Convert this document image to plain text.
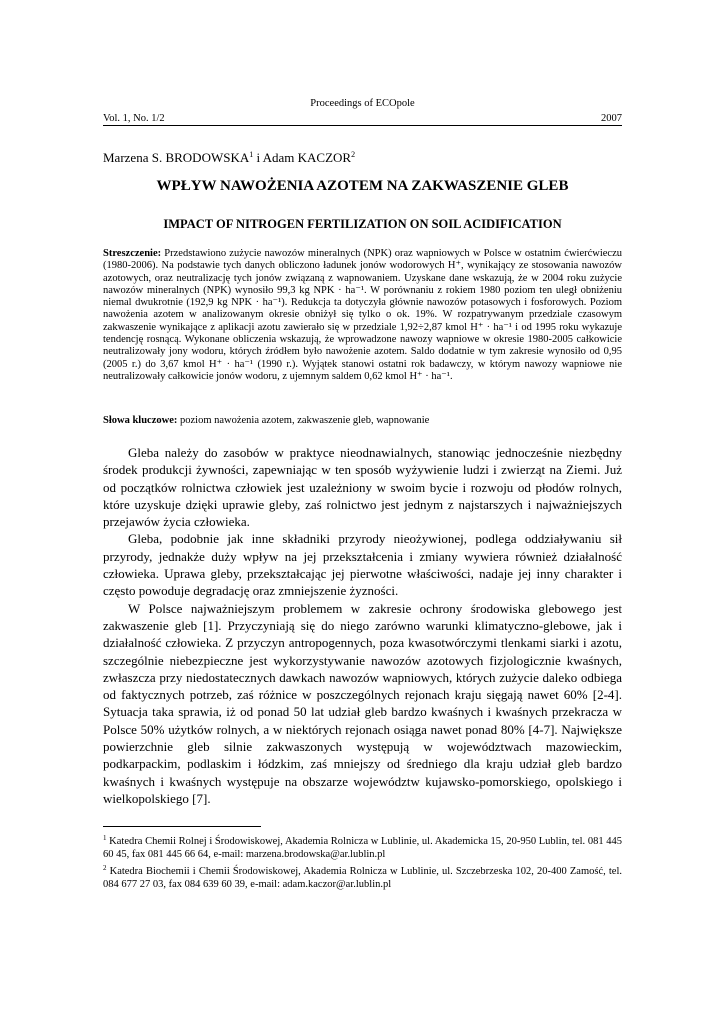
Proceedings of ECOpole
Vol. 1, No. 1/2	2007
Marzena S. BRODOWSKA$^1$ i Adam KACZOR$^2$
WPŁYW NAWOŻENIA AZOTEM NA ZAKWASZENIE GLEB
IMPACT OF NITROGEN FERTILIZATION ON SOIL ACIDIFICATION
Streszczenie: Przedstawiono zużycie nawozów mineralnych (NPK) oraz wapniowych w Polsce w ostatnim ćwierćwieczu (1980-2006). Na podstawie tych danych obliczono ładunek jonów wodorowych H⁺, wynikający ze stosowania nawozów azotowych, oraz neutralizację tych jonów związaną z wapnowaniem. Uzyskane dane wskazują, że w 2004 roku zużycie nawozów mineralnych (NPK) wynosiło 99,3 kg NPK · ha⁻¹. W porównaniu z rokiem 1980 poziom ten uległ obniżeniu niemal dwukrotnie (192,9 kg NPK · ha⁻¹). Redukcja ta dotyczyła głównie nawozów potasowych i fosforowych. Poziom nawożenia azotem w analizowanym okresie obniżył się tylko o ok. 19%. W rozpatrywanym przedziale czasowym zakwaszenie wynikające z aplikacji azotu zawierało się w przedziale 1,92÷2,87 kmol H⁺ · ha⁻¹ i od 1995 roku wykazuje tendencję rosnącą. Wykonane obliczenia wskazują, że wprowadzone nawozy wapniowe w okresie 1980-2005 całkowicie neutralizowały jony wodoru, których źródłem było nawożenie azotem. Saldo dodatnie w tym zakresie wynosiło od 0,95 (2005 r.) do 3,67 kmol H⁺ · ha⁻¹ (1990 r.). Wyjątek stanowi ostatni rok badawczy, w którym nawozy wapniowe nie neutralizowały całkowicie jonów wodoru, z ujemnym saldem 0,62 kmol H⁺ · ha⁻¹.
Słowa kluczowe: poziom nawożenia azotem, zakwaszenie gleb, wapnowanie

Gleba należy do zasobów w praktyce nieodnawialnych, stanowiąc jednocześnie niezbędny środek produkcji żywności, zapewniając w ten sposób wyżywienie ludzi i zwierząt na Ziemi. Już od początków rolnictwa człowiek jest uzależniony w swoim bycie i rozwoju od płodów rolnych, które uzyskuje dzięki uprawie gleby, zaś rolnictwo jest jednym z najstarszych i najważniejszych przejawów życia człowieka.

Gleba, podobnie jak inne składniki przyrody nieożywionej, podlega oddziaływaniu sił przyrody, jednakże duży wpływ na jej przekształcenia i zmiany wywiera również działalność człowieka. Uprawa gleby, przekształcając jej pierwotne właściwości, nadaje jej inny charakter i często powoduje degradację oraz zmniejszenie żyzności.

W Polsce najważniejszym problemem w zakresie ochrony środowiska glebowego jest zakwaszenie gleb [1]. Przyczyniają się do niego zarówno warunki klimatyczno-glebowe, jak i działalność człowieka. Z przyczyn antropogennych, poza kwasotwórczymi tlenkami siarki i azotu, szczególnie niebezpieczne jest wykorzystywanie nawozów azotowych fizjologicznie kwaśnych, zwłaszcza przy niedostatecznych dawkach nawozów wapniowych, których zużycie daleko odbiega od faktycznych potrzeb, zaś różnice w poszczególnych rejonach kraju sięgają nawet 60% [2-4]. Sytuacja taka sprawia, iż od ponad 50 lat udział gleb bardzo kwaśnych i kwaśnych przekracza w Polsce 50% użytków rolnych, a w niektórych rejonach osiąga nawet ponad 80% [4-7]. Największe powierzchnie gleb silnie zakwaszonych występują w województwach mazowieckim, podkarpackim, podlaskim i łódzkim, zaś mniejszy od średniego dla kraju udział gleb bardzo kwaśnych i kwaśnych występuje na obszarze województw kujawsko-pomorskiego, opolskiego i wielkopolskiego [7].

$^1$ Katedra Chemii Rolnej i Środowiskowej, Akademia Rolnicza w Lublinie, ul. Akademicka 15, 20-950 Lublin, tel. 081 445 60 45, fax 081 445 66 64, e-mail: marzena.brodowska@ar.lublin.pl

$^2$ Katedra Biochemii i Chemii Środowiskowej, Akademia Rolnicza w Lublinie, ul. Szczebrzeska 102, 20-400 Zamość, tel. 084 677 27 03, fax 084 639 60 39, e-mail: adam.kaczor@ar.lublin.pl
